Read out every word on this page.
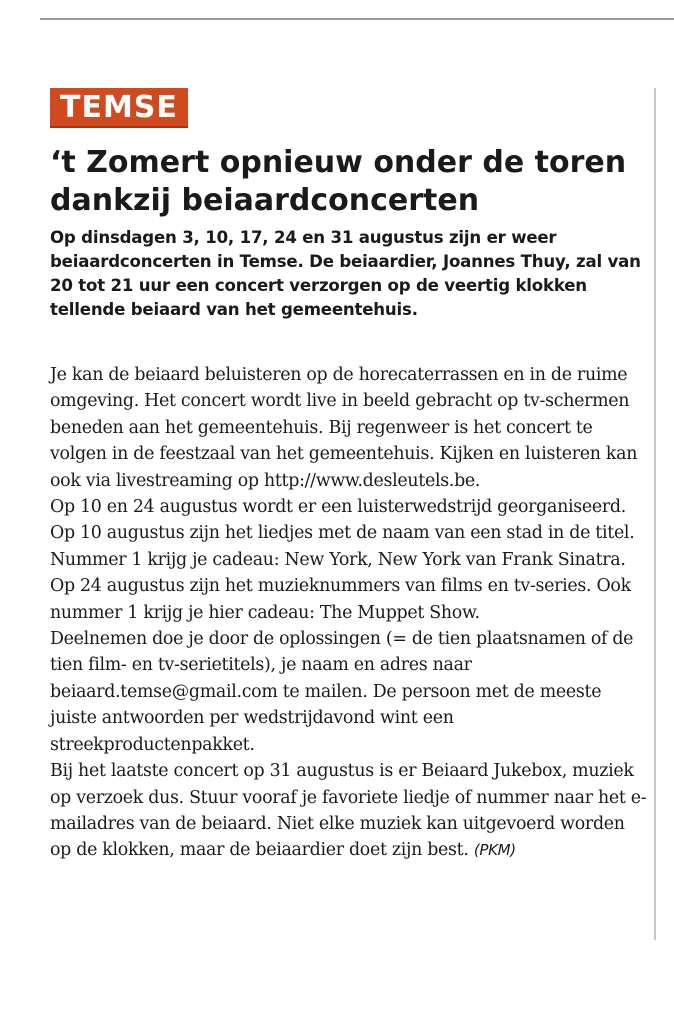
TEMSE
‘t Zomert opnieuw onder de toren dankzij beiaardconcerten

Op dinsdagen 3, 10, 17, 24 en 31 augustus zijn er weer beiaardconcerten in Temse. De beiaardier, Joannes Thuy, zal van 20 tot 21 uur een concert verzorgen op de veertig klokken tellende beiaard van het gemeentehuis.

Je kan de beiaard beluisteren op de horecaterrassen en in de ruime omgeving. Het concert wordt live in beeld gebracht op tv-schermen beneden aan het gemeentehuis. Bij regenweer is het concert te volgen in de feestzaal van het gemeentehuis. Kijken en luisteren kan ook via livestreaming op http://www.desleutels.be.

Op 10 en 24 augustus wordt er een luisterwedstrijd georganiseerd. Op 10 augustus zijn het liedjes met de naam van een stad in de titel. Nummer 1 krijg je cadeau: New York, New York van Frank Sinatra. Op 24 augustus zijn het muzieknummers van films en tv-series. Ook nummer 1 krijg je hier cadeau: The Muppet Show.

Deelnemen doe je door de oplossingen (= de tien plaatsnamen of de tien film- en tv-serietitels), je naam en adres naar beiaard.temse@gmail.com te mailen. De persoon met de meeste juiste antwoorden per wedstrijdavond wint een streekproductenpakket.

Bij het laatste concert op 31 augustus is er Beiaard Jukebox, muziek op verzoek dus. Stuur vooraf je favoriete liedje of nummer naar het e-mailadres van de beiaard. Niet elke muziek kan uitgevoerd worden op de klokken, maar de beiaardier doet zijn best. (PKM)
